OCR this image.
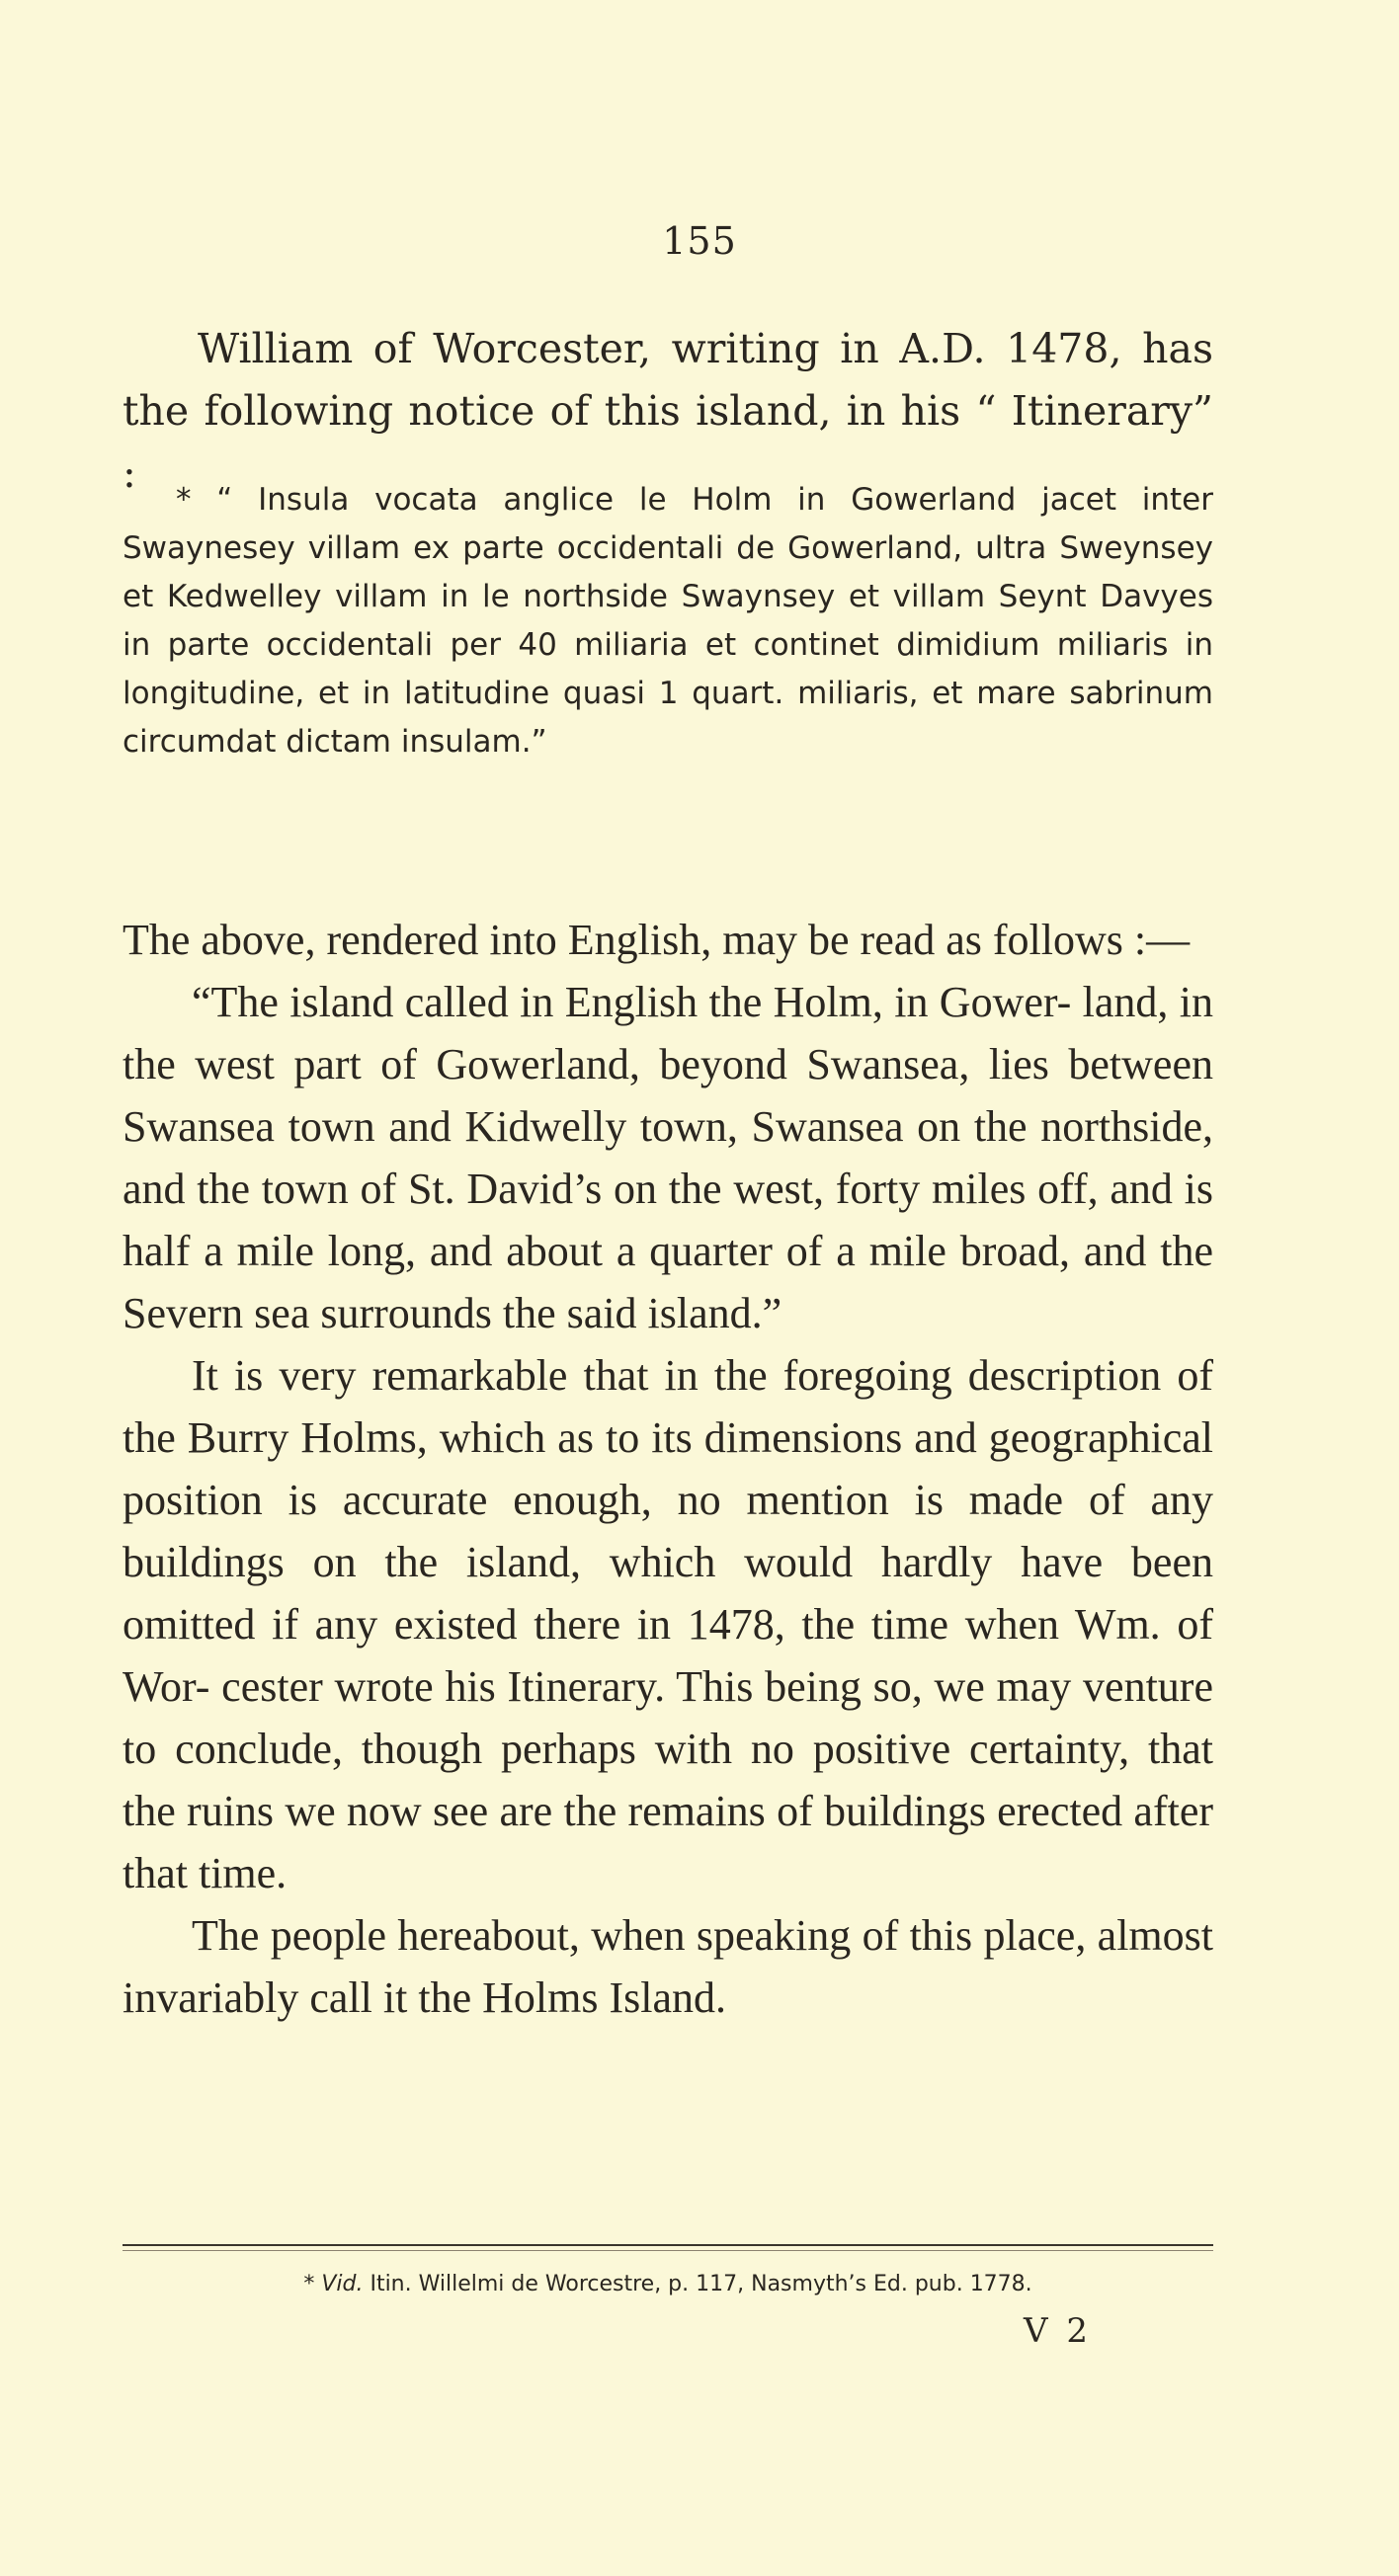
155
William of Worcester, writing in A.D. 1478, has the following notice of this island, in his “ Itinerary” :
* “ Insula vocata anglice le Holm in Gowerland jacet inter Swaynesey villam ex parte occidentali de Gowerland, ultra Sweynsey et Kedwelley villam in le northside Swaynsey et villam Seynt Davyes in parte occidentali per 40 miliaria et continet dimidium miliaris in longitudine, et in latitudine quasi 1 quart. miliaris, et mare sabrinum circumdat dictam insulam.”

The above, rendered into English, may be read as follows :—

“The island called in English the Holm, in Gower- land, in the west part of Gowerland, beyond Swansea, lies between Swansea town and Kidwelly town, Swansea on the northside, and the town of St. David’s on the west, forty miles off, and is half a mile long, and about a quarter of a mile broad, and the Severn sea surrounds the said island.”

It is very remarkable that in the foregoing description of the Burry Holms, which as to its dimensions and geographical position is accurate enough, no mention is made of any buildings on the island, which would hardly have been omitted if any existed there in 1478, the time when Wm. of Wor- cester wrote his Itinerary. This being so, we may venture to conclude, though perhaps with no positive certainty, that the ruins we now see are the remains of buildings erected after that time.

The people hereabout, when speaking of this place, almost invariably call it the Holms Island.

* Vid. Itin. Willelmi de Worcestre, p. 117, Nasmyth’s Ed. pub. 1778.
V 2
